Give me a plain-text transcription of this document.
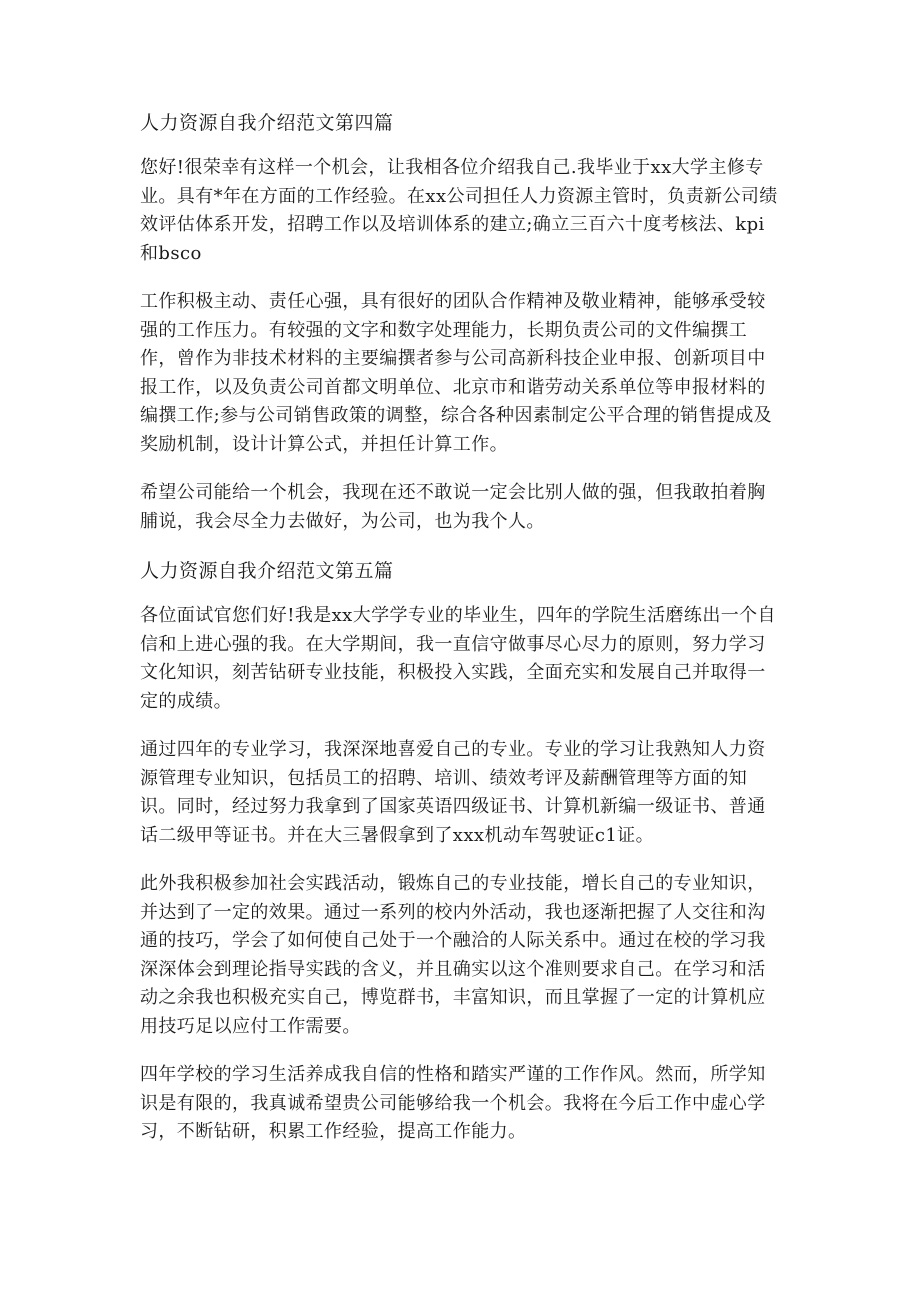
人力资源自我介绍范文第四篇
您好!很荣幸有这样一个机会，让我相各位介绍我自己.我毕业于xx大学主修专
业。具有*年在方面的工作经验。在xx公司担任人力资源主管时，负责新公司绩
效评估体系开发，招聘工作以及培训体系的建立;确立三百六十度考核法、kpi
和bsco
工作积极主动、责任心强，具有很好的团队合作精神及敬业精神，能够承受较
强的工作压力。有较强的文字和数字处理能力，长期负责公司的文件编撰工
作，曾作为非技术材料的主要编撰者参与公司高新科技企业申报、创新项目中
报工作，以及负责公司首都文明单位、北京市和谐劳动关系单位等申报材料的
编撰工作;参与公司销售政策的调整，综合各种因素制定公平合理的销售提成及
奖励机制，设计计算公式，并担任计算工作。
希望公司能给一个机会，我现在还不敢说一定会比别人做的强，但我敢拍着胸
脯说，我会尽全力去做好，为公司，也为我个人。
人力资源自我介绍范文第五篇
各位面试官您们好!我是xx大学学专业的毕业生，四年的学院生活磨练出一个自
信和上进心强的我。在大学期间，我一直信守做事尽心尽力的原则，努力学习
文化知识，刻苦钻研专业技能，积极投入实践，全面充实和发展自己并取得一
定的成绩。
通过四年的专业学习，我深深地喜爱自己的专业。专业的学习让我熟知人力资
源管理专业知识，包括员工的招聘、培训、绩效考评及薪酬管理等方面的知
识。同时，经过努力我拿到了国家英语四级证书、计算机新编一级证书、普通
话二级甲等证书。并在大三暑假拿到了xxx机动车驾驶证c1证。
此外我积极参加社会实践活动，锻炼自己的专业技能，增长自己的专业知识，
并达到了一定的效果。通过一系列的校内外活动，我也逐渐把握了人交往和沟
通的技巧，学会了如何使自己处于一个融洽的人际关系中。通过在校的学习我
深深体会到理论指导实践的含义，并且确实以这个准则要求自己。在学习和活
动之余我也积极充实自己，博览群书，丰富知识，而且掌握了一定的计算机应
用技巧足以应付工作需要。
四年学校的学习生活养成我自信的性格和踏实严谨的工作作风。然而，所学知
识是有限的，我真诚希望贵公司能够给我一个机会。我将在今后工作中虚心学
习，不断钻研，积累工作经验，提高工作能力。
